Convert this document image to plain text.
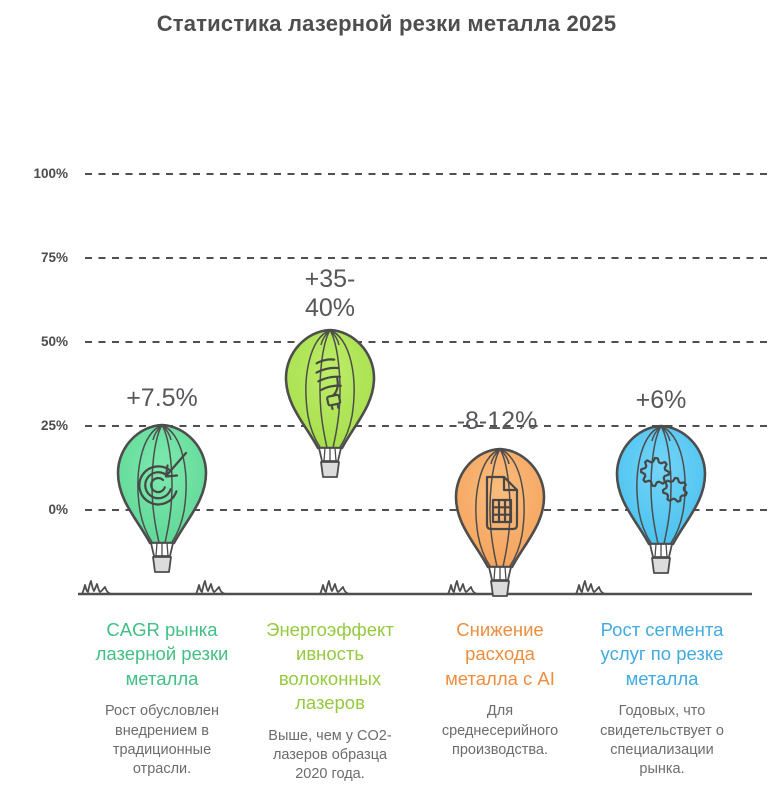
Статистика лазерной резки металла 2025
100%
75%
50%
25%
0%
+7.5%
+35-40%
-8-12%
+6%

CAGR рынка лазерной резки металла

Рост обусловлен внедрением в традиционные отрасли.

Энергоэффективность волоконных лазеров

Выше, чем у CO2-лазеров образца 2020 года.

Снижение расхода металла с AI

Для среднесерийного производства.

Рост сегмента услуг по резке металла

Годовых, что свидетельствует о специализации рынка.
